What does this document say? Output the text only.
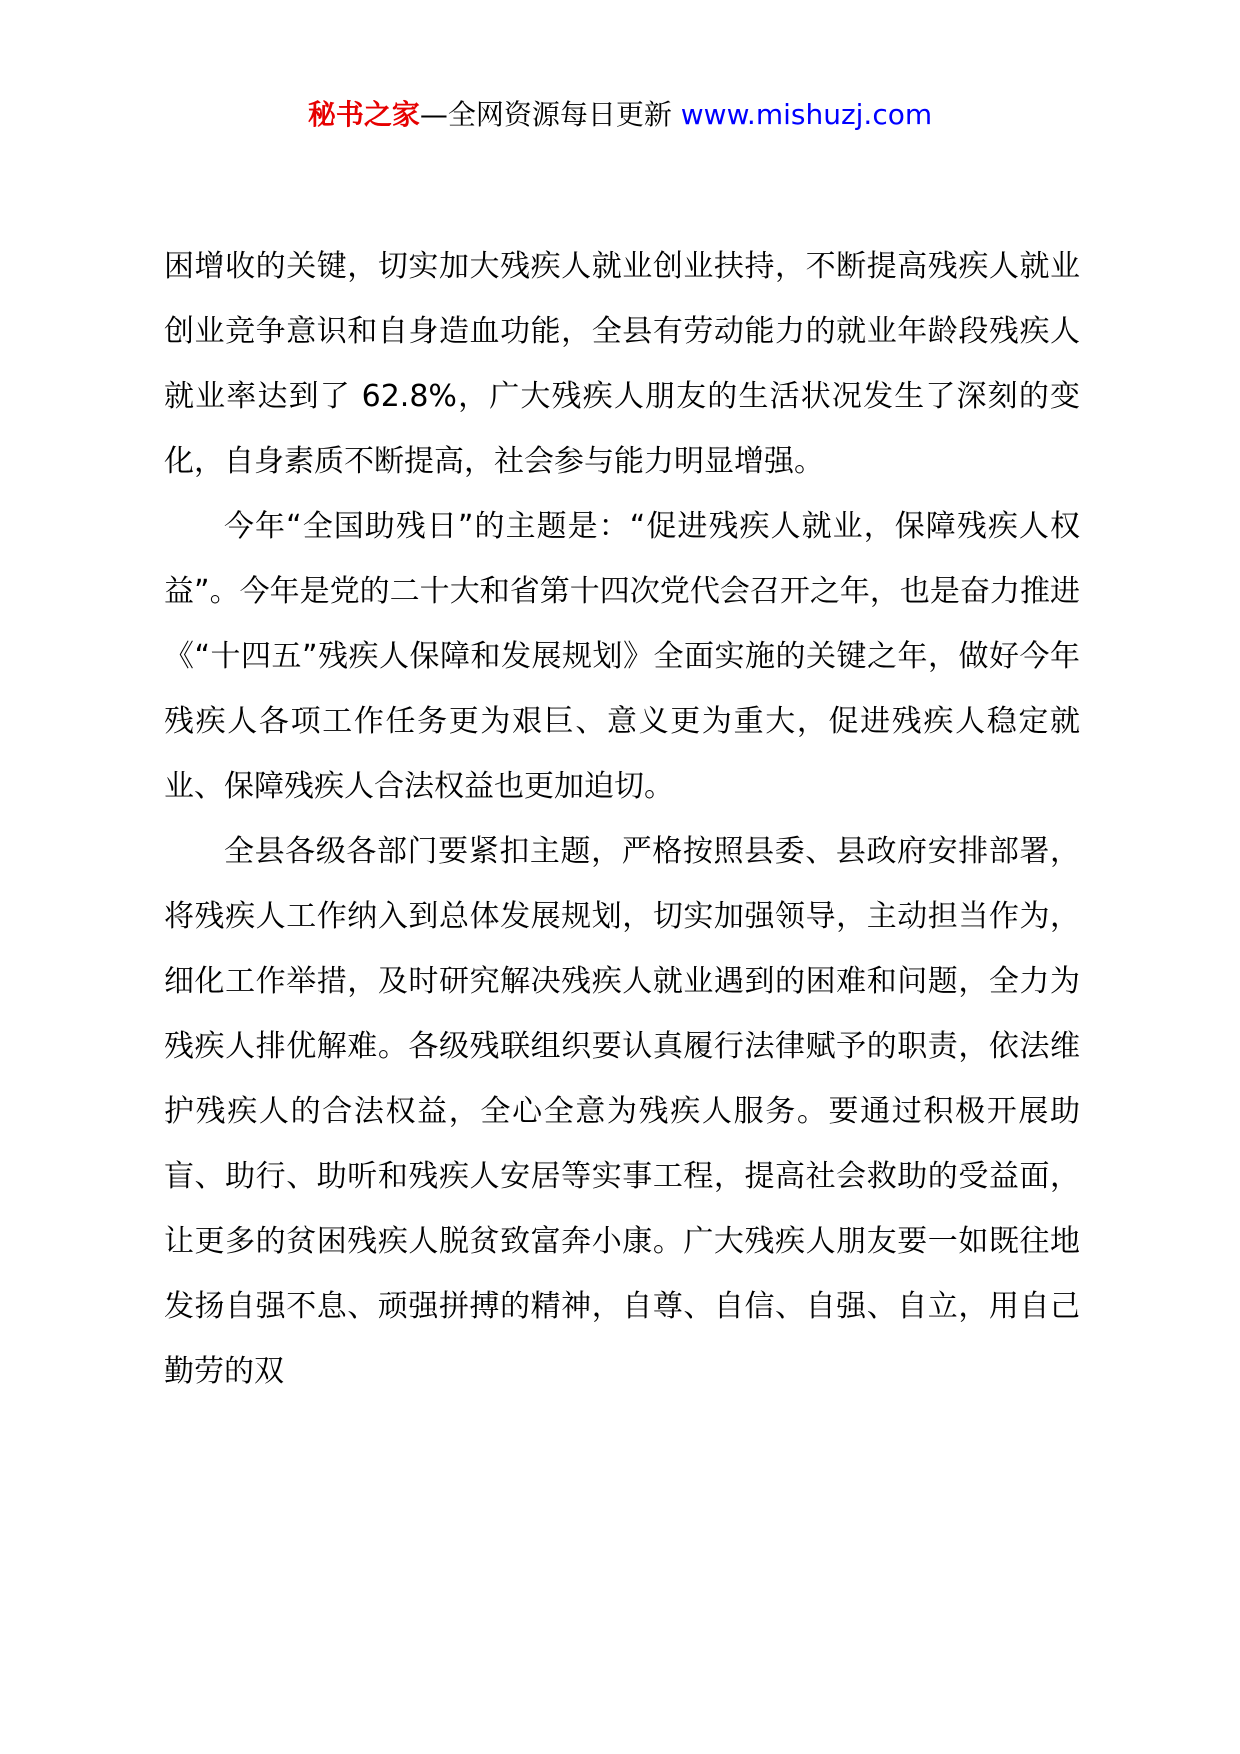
秘书之家—全网资源每日更新 www.mishuzj.com

困增收的关键，切实加大残疾人就业创业扶持，不断提高残疾人就业创业竞争意识和自身造血功能，全县有劳动能力的就业年龄段残疾人就业率达到了 62.8%，广大残疾人朋友的生活状况发生了深刻的变化，自身素质不断提高，社会参与能力明显增强。

今年“全国助残日”的主题是：“促进残疾人就业，保障残疾人权益”。今年是党的二十大和省第十四次党代会召开之年，也是奋力推进《“十四五”残疾人保障和发展规划》全面实施的关键之年，做好今年残疾人各项工作任务更为艰巨、意义更为重大，促进残疾人稳定就业、保障残疾人合法权益也更加迫切。

全县各级各部门要紧扣主题，严格按照县委、县政府安排部署，将残疾人工作纳入到总体发展规划，切实加强领导，主动担当作为，细化工作举措，及时研究解决残疾人就业遇到的困难和问题，全力为残疾人排优解难。各级残联组织要认真履行法律赋予的职责，依法维护残疾人的合法权益，全心全意为残疾人服务。要通过积极开展助盲、助行、助听和残疾人安居等实事工程，提高社会救助的受益面，让更多的贫困残疾人脱贫致富奔小康。广大残疾人朋友要一如既往地发扬自强不息、顽强拼搏的精神，自尊、自信、自强、自立，用自己勤劳的双
